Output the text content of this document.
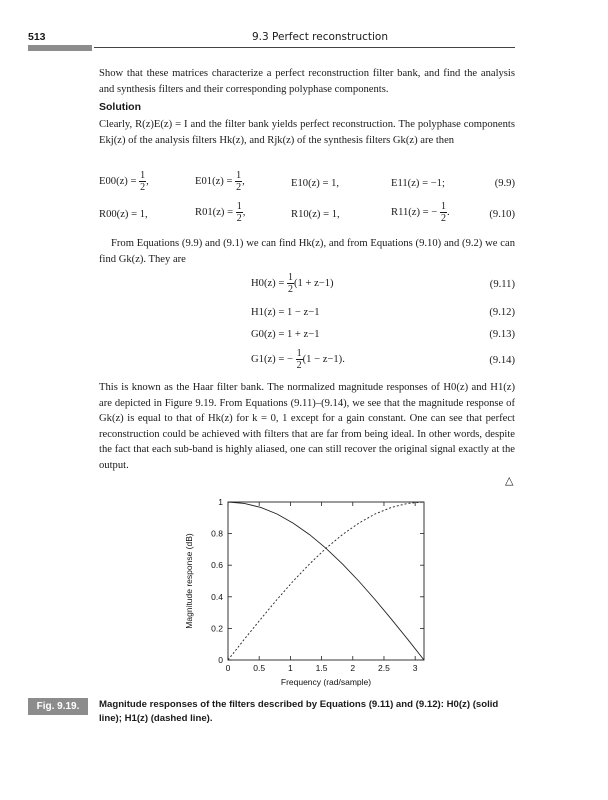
513	9.3 Perfect reconstruction
Show that these matrices characterize a perfect reconstruction filter bank, and find the analysis and synthesis filters and their corresponding polyphase components.
Solution
Clearly, R(z)E(z) = I and the filter bank yields perfect reconstruction. The polyphase components Ekj(z) of the analysis filters Hk(z), and Rjk(z) of the synthesis filters Gk(z) are then
$E00(z) = \frac{1}{2}$ ,	$E01(z) = \frac{1}{2}$ ,	E10(z) = 1,	E11(z) = −1;	(9.9)
R00(z) = 1,	$R01(z) = \frac{1}{2}$ ,	R10(z) = 1,	R11(z) = − $\frac{1}{2}$ .	(9.10)
From Equations (9.9) and (9.1) we can find Hk(z), and from Equations (9.10) and (9.2) we can find Gk(z). They are
$H0(z) = \frac{1}{2} (1 + z-1)$	(9.11)
H1(z) = 1 − z−1	(9.12)
G0(z) = 1 + z−1	(9.13)
G1(z) = − $\frac{1}{2} (1 - z-1)$.	(9.14)
This is known as the Haar filter bank. The normalized magnitude responses of H0(z) and H1(z) are depicted in Figure 9.19. From Equations (9.11)–(9.14), we see that the magnitude response of Gk(z) is equal to that of Hk(z) for k = 0, 1 except for a gain constant. One can see that perfect reconstruction could be achieved with filters that are far from being ideal. In other words, despite the fact that each sub-band is highly aliased, one can still recover the original signal exactly at the output.
△
0	0.5	1	1.5	2	2.5	3
0
0.2
0.4
0.6
0.8
1
Frequency (rad/sample)
Magnitude response (dB)
Fig. 9.19.	Magnitude responses of the filters described by Equations (9.11) and (9.12): H0(z) (solid line); H1(z) (dashed line).
